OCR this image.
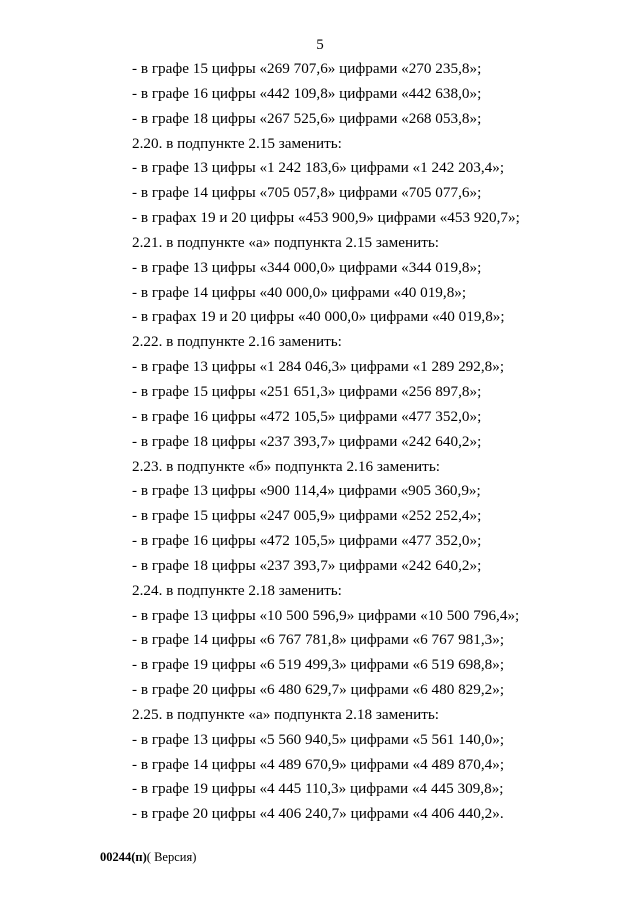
5
- в графе 15 цифры «269 707,6» цифрами «270 235,8»;
- в графе 16 цифры «442 109,8» цифрами «442 638,0»;
- в графе 18 цифры «267 525,6» цифрами «268 053,8»;
2.20. в подпункте 2.15 заменить:
- в графе 13 цифры «1 242 183,6» цифрами «1 242 203,4»;
- в графе 14 цифры «705 057,8» цифрами «705 077,6»;
- в графах 19 и 20 цифры «453 900,9» цифрами «453 920,7»;
2.21. в подпункте «а» подпункта 2.15 заменить:
- в графе 13 цифры «344 000,0» цифрами «344 019,8»;
- в графе 14 цифры «40 000,0» цифрами «40 019,8»;
- в графах 19 и 20 цифры «40 000,0» цифрами «40 019,8»;
2.22. в подпункте 2.16 заменить:
- в графе 13 цифры «1 284 046,3» цифрами «1 289 292,8»;
- в графе 15 цифры «251 651,3» цифрами «256 897,8»;
- в графе 16 цифры «472 105,5» цифрами «477 352,0»;
- в графе 18 цифры «237 393,7» цифрами «242 640,2»;
2.23. в подпункте «б» подпункта 2.16 заменить:
- в графе 13 цифры «900 114,4» цифрами «905 360,9»;
- в графе 15 цифры «247 005,9» цифрами «252 252,4»;
- в графе 16 цифры «472 105,5» цифрами «477 352,0»;
- в графе 18 цифры «237 393,7» цифрами «242 640,2»;
2.24. в подпункте 2.18 заменить:
- в графе 13 цифры «10 500 596,9» цифрами «10 500 796,4»;
- в графе 14 цифры «6 767 781,8» цифрами «6 767 981,3»;
- в графе 19 цифры «6 519 499,3» цифрами «6 519 698,8»;
- в графе 20 цифры «6 480 629,7» цифрами «6 480 829,2»;
2.25. в подпункте «а» подпункта 2.18 заменить:
- в графе 13 цифры «5 560 940,5» цифрами «5 561 140,0»;
- в графе 14 цифры «4 489 670,9» цифрами «4 489 870,4»;
- в графе 19 цифры «4 445 110,3» цифрами «4 445 309,8»;
- в графе 20 цифры «4 406 240,7» цифрами «4 406 440,2».
00244(п)( Версия)
